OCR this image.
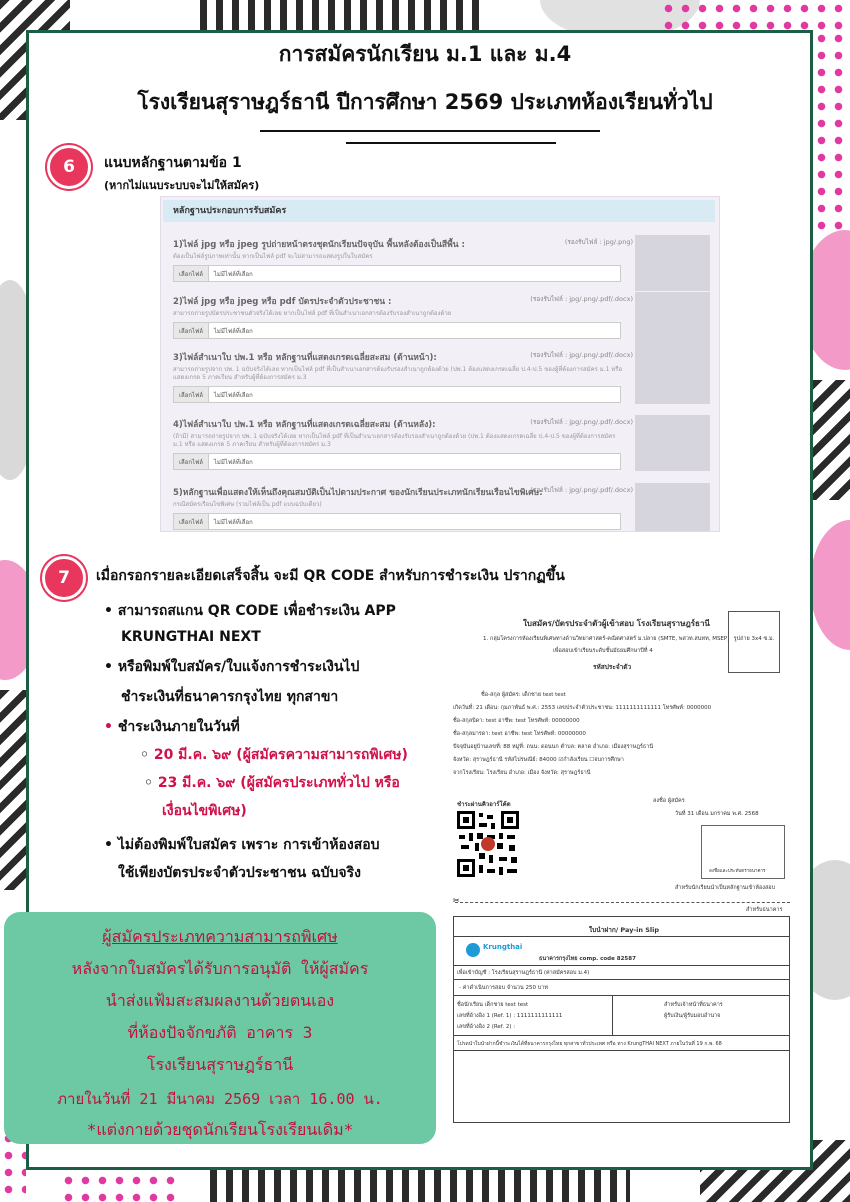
การสมัครนักเรียน ม.1 และ ม.4
โรงเรียนสุราษฎร์ธานี ปีการศึกษา 2569 ประเภทห้องเรียนทั่วไป
6	แนบหลักฐานตามข้อ 1
(หากไม่แนบระบบจะไม่ให้สมัคร)
หลักฐานประกอบการรับสมัคร
1)ไฟล์ jpg หรือ jpeg รูปถ่ายหน้าตรงชุดนักเรียนปัจจุบัน พื้นหลังต้องเป็นสีพื้น :	(รองรับไฟล์ : jpg/.png)
ต้องเป็นไฟล์รูปภาพเท่านั้น หากเป็นไฟล์ pdf จะไม่สามารถแสดงรูปในใบสมัคร
เลือกไฟล์	ไม่มีไฟล์ที่เลือก
2)ไฟล์ jpg หรือ jpeg หรือ pdf บัตรประจำตัวประชาชน :	(รองรับไฟล์ : jpg/.png/.pdf/.docx)
สามารถถ่ายรูปบัตรประชาชนตัวจริงได้เลย หากเป็นไฟล์ pdf ที่เป็นสำเนาเอกสารต้องรับรองสำเนาถูกต้องด้วย
เลือกไฟล์	ไม่มีไฟล์ที่เลือก
3)ไฟล์สำเนาใบ ปพ.1 หรือ หลักฐานที่แสดงเกรดเฉลี่ยสะสม (ด้านหน้า):	(รองรับไฟล์ : jpg/.png/.pdf/.docx)
สามารถถ่ายรูปจาก ปพ. 1 ฉบับจริงได้เลย หากเป็นไฟล์ pdf ที่เป็นสำเนาเอกสารต้องรับรองสำเนาถูกต้องด้วย (ปพ.1 ต้องแสดงเกรดเฉลี่ย ป.4-ป.5 ของผู้ที่ต้องการสมัคร ม.1 หรือแสดงเกรด 5 ภาคเรียน สำหรับผู้ที่ต้องการสมัคร ม.3
เลือกไฟล์	ไม่มีไฟล์ที่เลือก
4)ไฟล์สำเนาใบ ปพ.1 หรือ หลักฐานที่แสดงเกรดเฉลี่ยสะสม (ด้านหลัง):	(รองรับไฟล์ : jpg/.png/.pdf/.docx)
(ถ้ามี) สามารถถ่ายรูปจาก ปพ. 1 ฉบับจริงได้เลย หากเป็นไฟล์ pdf ที่เป็นสำเนาเอกสารต้องรับรองสำเนาถูกต้องด้วย (ปพ.1 ต้องแสดงเกรดเฉลี่ย ป.4-ป.5 ของผู้ที่ต้องการสมัคร ม.1 หรือ แสดงเกรด 5 ภาคเรียน สำหรับผู้ที่ต้องการสมัคร ม.3
เลือกไฟล์	ไม่มีไฟล์ที่เลือก
5)หลักฐานเพื่อแสดงให้เห็นถึงคุณสมบัติเป็นไปตามประกาศ ของนักเรียนประเภทนักเรียนเรือนไขพิเศษ:
(รองรับไฟล์ : jpg/.png/.pdf/.docx)
กรณีสมัครเรือนไขพิเศษ (รวมไฟล์เป็น pdf แบบฉบับเดียว)
เลือกไฟล์	ไม่มีไฟล์ที่เลือก
7	เมื่อกรอกรายละเอียดเสร็จสิ้น จะมี QR CODE สำหรับการชำระเงิน ปรากฏขึ้น
• สามารถสแกน QR CODE เพื่อชำระเงิน APP
KRUNGTHAI NEXT
• หรือพิมพ์ใบสมัคร/ใบแจ้งการชำระเงินไป
ชำระเงินที่ธนาคารกรุงไทย ทุกสาขา
• ชำระเงินภายในวันที่
◦ 20 มี.ค. ๖๙ (ผู้สมัครความสามารถพิเศษ)
◦ 23 มี.ค. ๖๙ (ผู้สมัครประเภททั่วไป หรือ
เงื่อนไขพิเศษ)
• ไม่ต้องพิมพ์ใบสมัคร เพราะ การเข้าห้องสอบ
ใช้เพียงบัตรประจำตัวประชาชน ฉบับจริง
ผู้สมัครประเภทความสามารถพิเศษ
หลังจากใบสมัครได้รับการอนุมัติ ให้ผู้สมัคร
นำส่งแฟ้มสะสมผลงานด้วยตนเอง
ที่ห้องปัจจักขภัติ อาคาร 3
โรงเรียนสุราษฎร์ธานี
ภายในวันที่ 21 มีนาคม 2569 เวลา 16.00 น.
*แต่งกายด้วยชุดนักเรียนโรงเรียนเดิม*
ใบสมัคร/บัตรประจำตัวผู้เข้าสอบ โรงเรียนสุราษฎร์ธานี
1. กลุ่มโครงการห้องเรียนพิเศษทางด้านวิทยาศาสตร์-คณิตศาสตร์ ม.ปลาย (SMTE, พสวท.สนทท, MSEP)
เพื่อสอบเข้าเรียนระดับชั้นมัธยมศึกษาปีที่ 4
รหัสประจำตัว
รูปถ่าย 3x4 ซ.ม.
ชื่อ-สกุล ผู้สมัคร: เด็กชาย test test
เกิดวันที่: 21 เดือน: กุมภาพันธ์ พ.ศ.: 2553 เลขประจำตัวประชาชน: 1111111111111 โทรศัพท์: 0000000
ชื่อ-สกุลบิดา: test อาชีพ: test โทรศัพท์: 00000000
ชื่อ-สกุลมารดา: test อาชีพ: test โทรศัพท์: 00000000
ปัจจุบันอยู่บ้านเลขที่: 88 หมู่ที่: ถนน: ดอนนก ตำบล: ตลาด อำเภอ: เมืองสุราษฎร์ธานี
จังหวัด: สุราษฎร์ธานี รหัสไปรษณีย์: 84000 ☑กำลังเรียน ☐จบการศึกษา
จากโรงเรียน: โรงเรียน อำเภอ: เมือง จังหวัด: สุราษฎร์ธานี
ชำระผ่านคิวอาร์โค้ด	ลงชื่อ ผู้สมัคร
วันที่ 31 เดือน มกราคม พ.ศ. 2568
ลงชื่อและประทับตราธนาคาร
สำหรับนักเรียนนำเป็นหลักฐานเข้าห้องสอบ
✂
สำหรับธนาคาร
ใบนำฝาก/ Pay-in Slip
Krungthai
ธนาคารกรุงไทย comp. code 82587
เพื่อเข้าบัญชี : โรงเรียนสุราษฎร์ธานี (ค่าสมัครสอบ ม.4)
- ค่าดำเนินการสอบ จำนวน 250 บาท
ชื่อนักเรียน เด็กชาย test test
เลขที่อ้างอิง 1 (Ref. 1) : 1111111111111
เลขที่อ้างอิง 2 (Ref. 2) :
สำหรับเจ้าหน้าที่ธนาคาร
ผู้รับเงิน/ผู้รับมอบอำนาจ
โปรดนำใบนำฝากนี้ชำระเงินได้ที่ธนาคารกรุงไทย ทุกสาขาทั่วประเทศ หรือ ทาง KrungTHAI NEXT ภายในวันที่ 19 ก.พ. 68
